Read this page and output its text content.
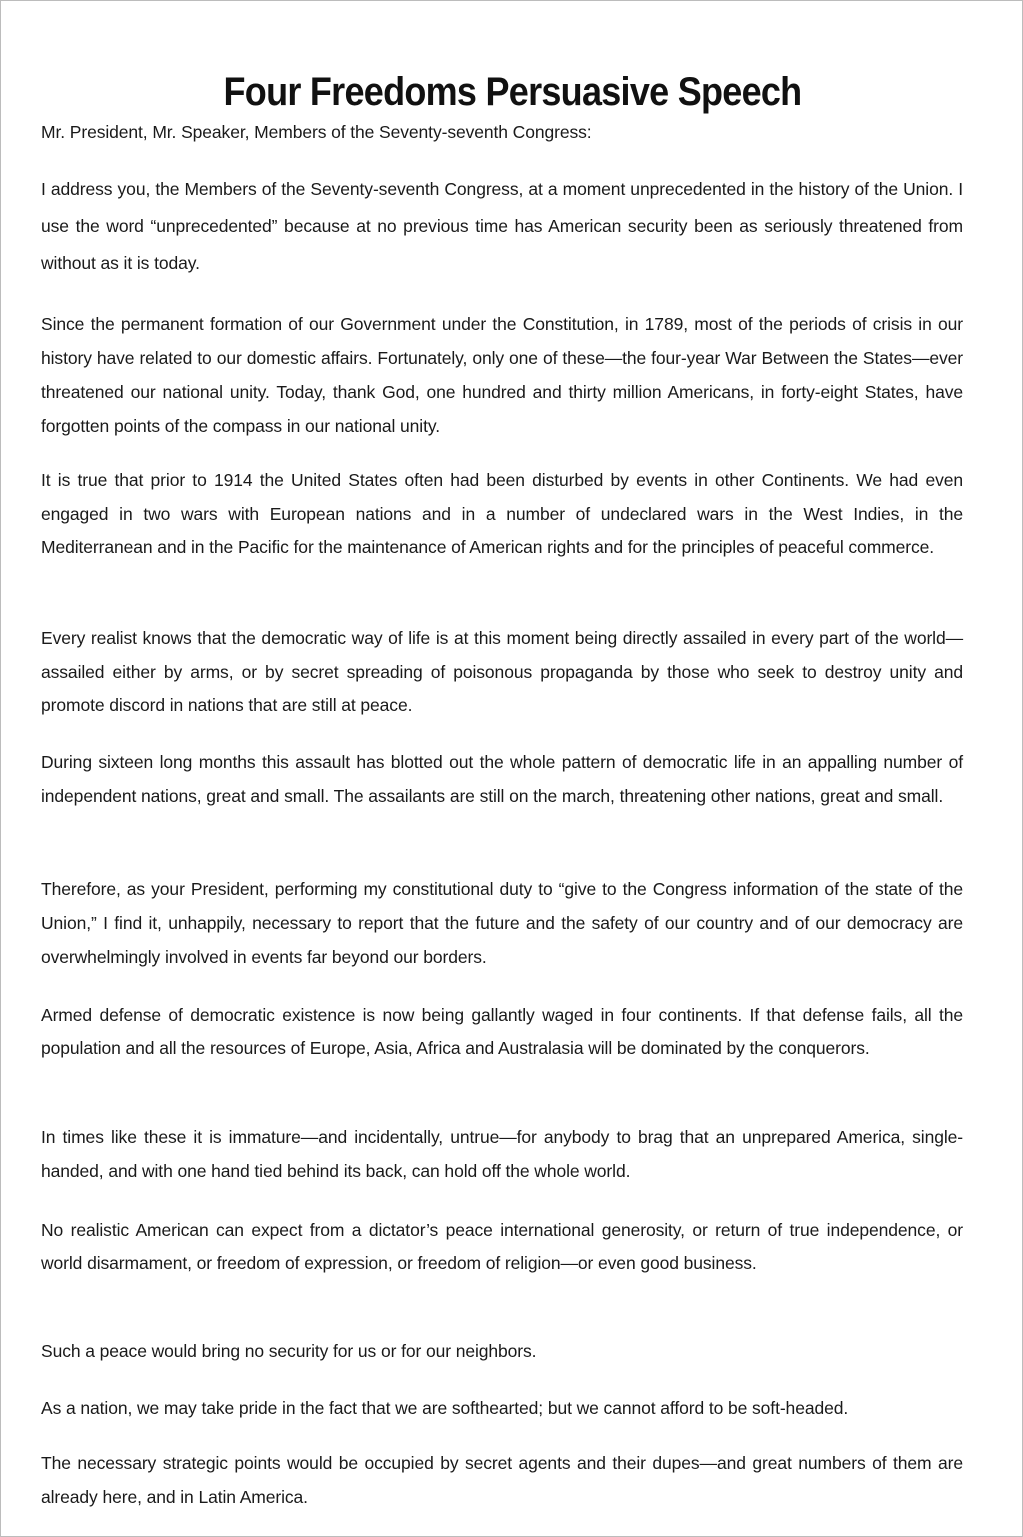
Four Freedoms Persuasive Speech

Mr. President, Mr. Speaker, Members of the Seventy-seventh Congress:

I address you, the Members of the Seventy-seventh Congress, at a moment unprecedented in the history of the Union. I use the word “unprecedented” because at no previous time has American security been as seriously threatened from without as it is today.

Since the permanent formation of our Government under the Constitution, in 1789, most of the periods of crisis in our history have related to our domestic affairs. Fortunately, only one of these—the four-year War Between the States—ever threatened our national unity. Today, thank God, one hundred and thirty million Americans, in forty-eight States, have forgotten points of the compass in our national unity.

It is true that prior to 1914 the United States often had been disturbed by events in other Continents. We had even engaged in two wars with European nations and in a number of undeclared wars in the West Indies, in the Mediterranean and in the Pacific for the maintenance of American rights and for the principles of peaceful commerce.

Every realist knows that the democratic way of life is at this moment being directly assailed in every part of the world—assailed either by arms, or by secret spreading of poisonous propaganda by those who seek to destroy unity and promote discord in nations that are still at peace.

During sixteen long months this assault has blotted out the whole pattern of democratic life in an appalling number of independent nations, great and small. The assailants are still on the march, threatening other nations, great and small.

Therefore, as your President, performing my constitutional duty to “give to the Congress information of the state of the Union,” I find it, unhappily, necessary to report that the future and the safety of our country and of our democracy are overwhelmingly involved in events far beyond our borders.

Armed defense of democratic existence is now being gallantly waged in four continents. If that defense fails, all the population and all the resources of Europe, Asia, Africa and Australasia will be dominated by the conquerors.

In times like these it is immature—and incidentally, untrue—for anybody to brag that an unprepared America, single-handed, and with one hand tied behind its back, can hold off the whole world.

No realistic American can expect from a dictator’s peace international generosity, or return of true independence, or world disarmament, or freedom of expression, or freedom of religion—or even good business.

Such a peace would bring no security for us or for our neighbors.

As a nation, we may take pride in the fact that we are softhearted; but we cannot afford to be soft-headed.

The necessary strategic points would be occupied by secret agents and their dupes—and great numbers of them are already here, and in Latin America.
